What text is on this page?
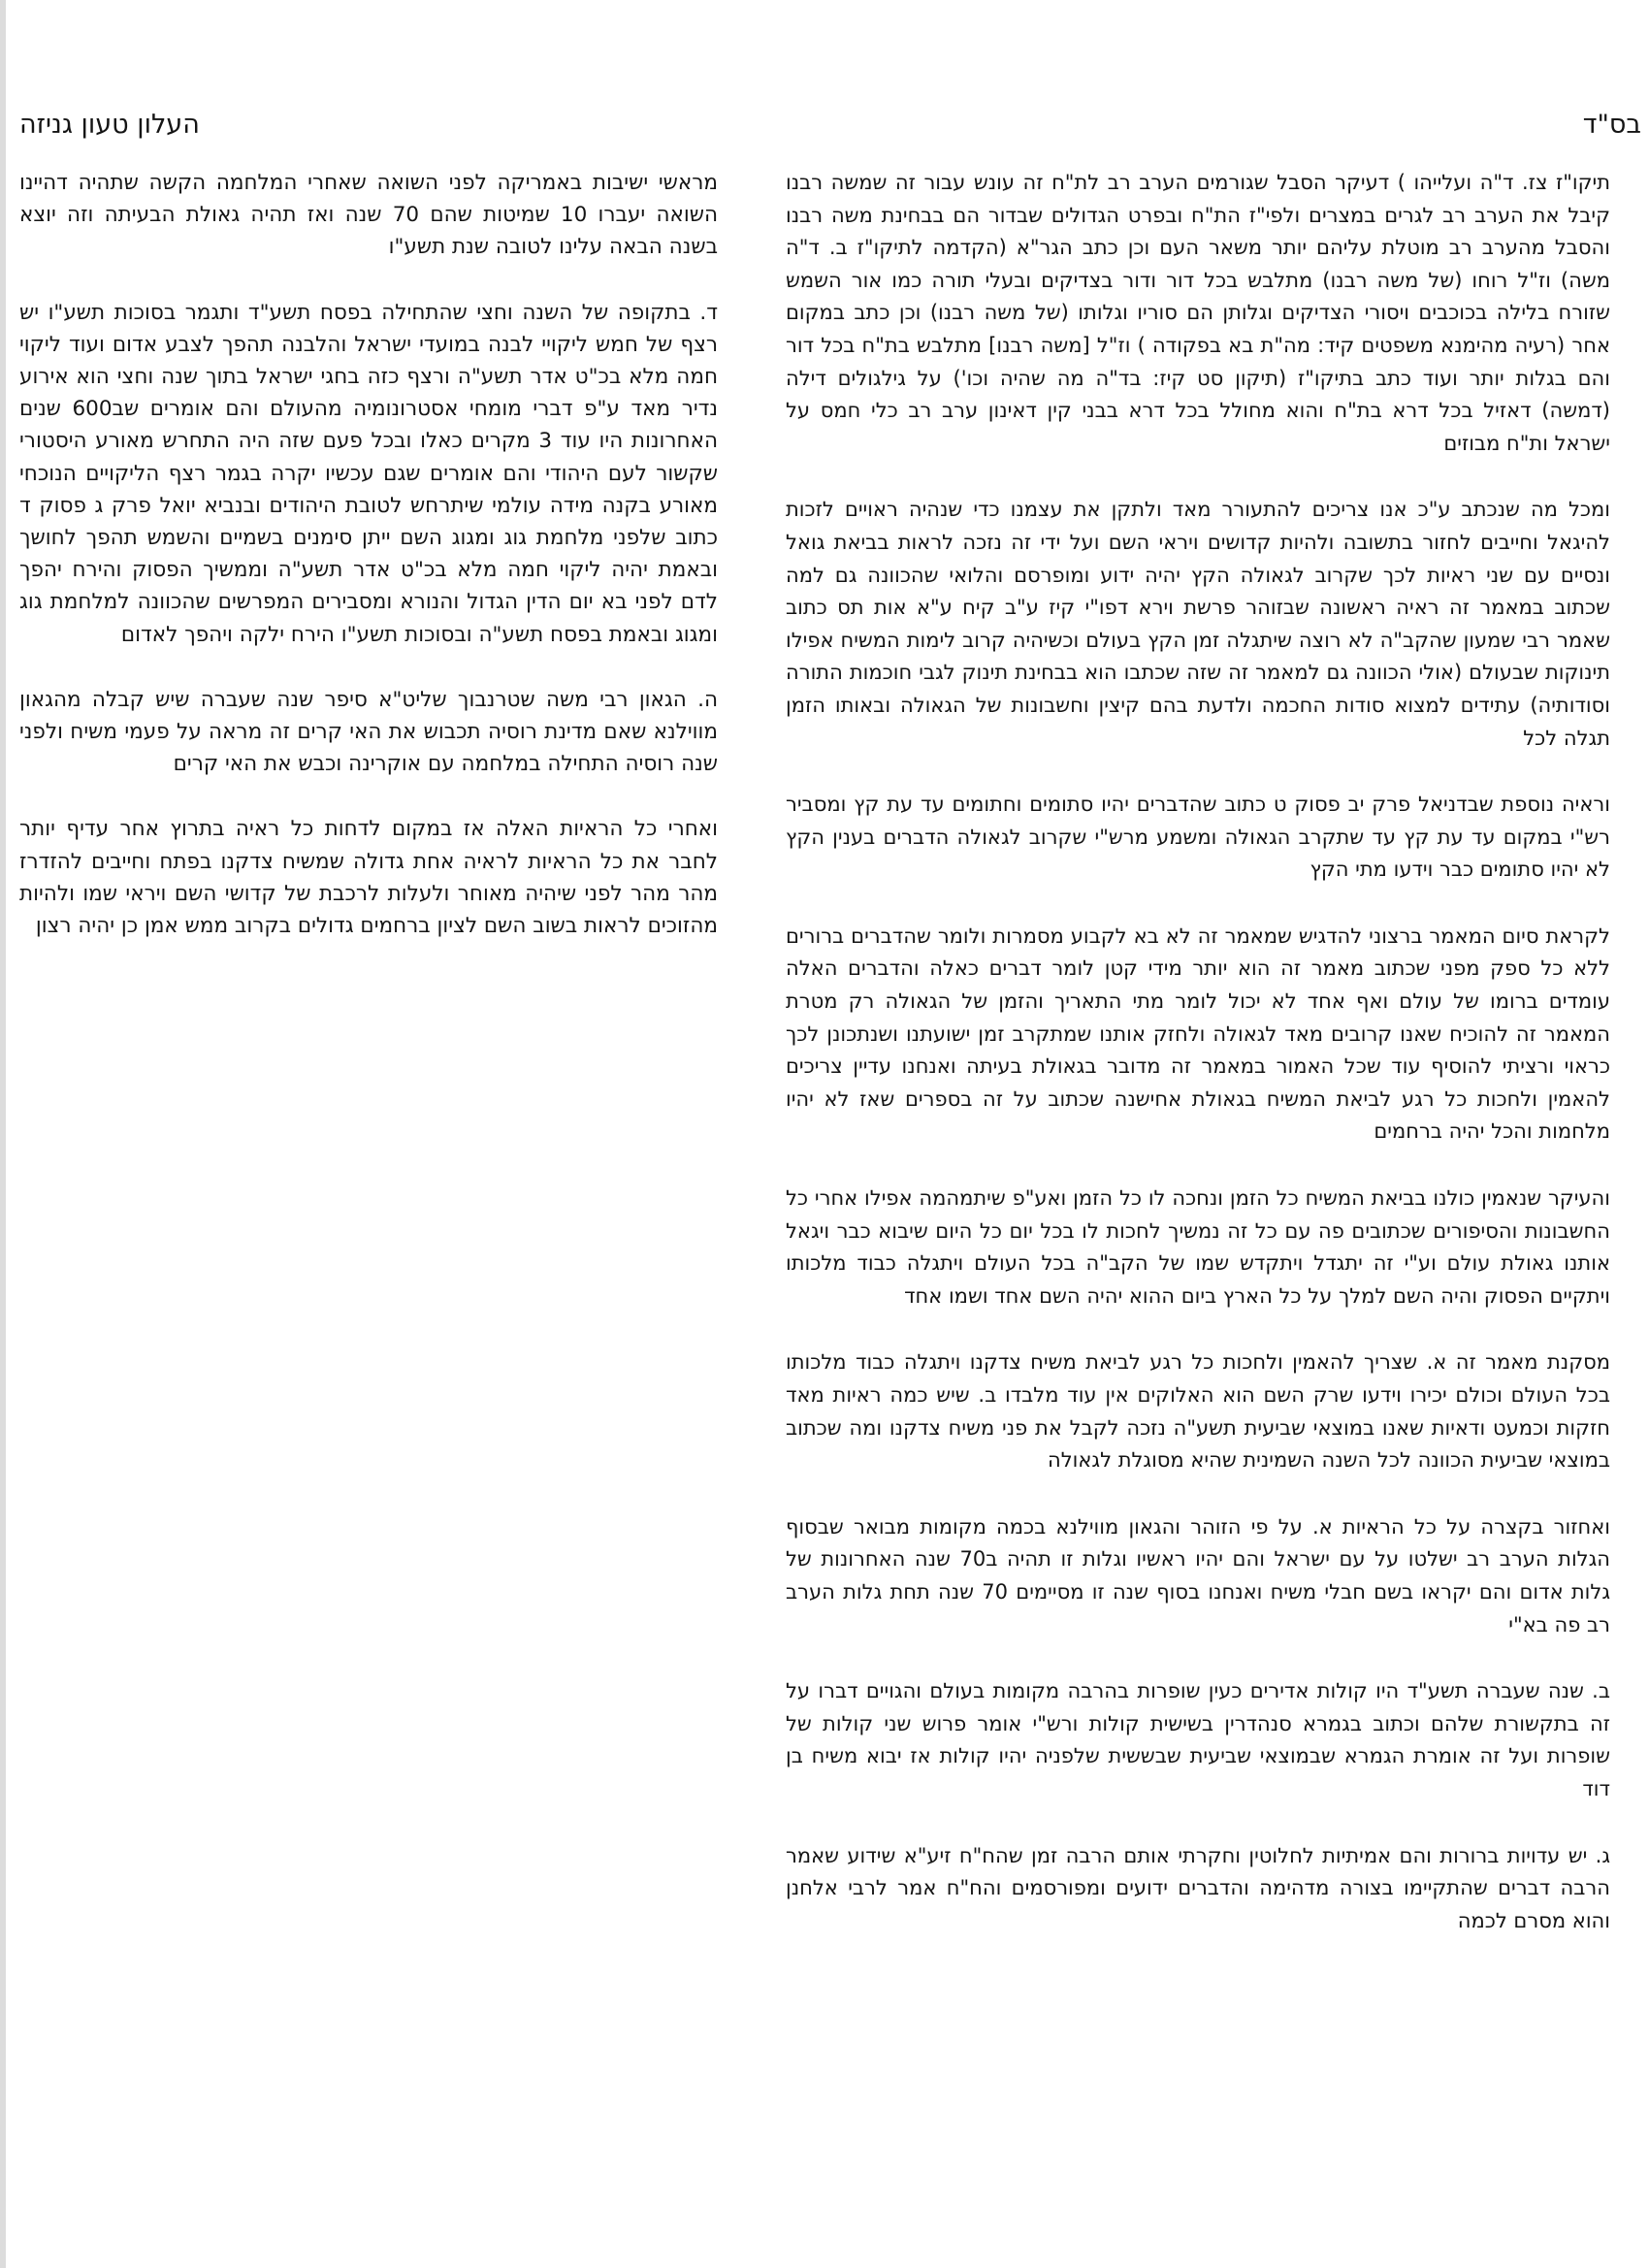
בס"ד
העלון טעון גניזה

תיקו"ז צז. ד"ה ועלייהו ) דעיקר הסבל שגורמים הערב רב לת"ח זה עונש עבור זה שמשה רבנו קיבל את הערב רב לגרים במצרים ולפי"ז הת"ח ובפרט הגדולים שבדור הם בבחינת משה רבנו והסבל מהערב רב מוטלת עליהם יותר משאר העם וכן כתב הגר"א (הקדמה לתיקו"ז ב. ד"ה משה) וז"ל רוחו (של משה רבנו) מתלבש בכל דור ודור בצדיקים ובעלי תורה כמו אור השמש שזורח בלילה בכוכבים ויסורי הצדיקים וגלותן הם סוריו וגלותו (של משה רבנו) וכן כתב במקום אחר (רעיה מהימנא משפטים קיד: מה"ת בא בפקודה ) וז"ל [משה רבנו] מתלבש בת"ח בכל דור והם בגלות יותר ועוד כתב בתיקו"ז (תיקון סט קיז: בד"ה מה שהיה וכו') על גילגולים דילה (דמשה) דאזיל בכל דרא בת"ח והוא מחולל בכל דרא בבני קין דאינון ערב רב כלי חמס על ישראל ות"ח מבוזים

ומכל מה שנכתב ע"כ אנו צריכים להתעורר מאד ולתקן את עצמנו כדי שנהיה ראויים לזכות להיגאל וחייבים לחזור בתשובה ולהיות קדושים ויראי השם ועל ידי זה נזכה לראות בביאת גואל ונסיים עם שני ראיות לכך שקרוב לגאולה הקץ יהיה ידוע ומופרסם והלואי שהכוונה גם למה שכתוב במאמר זה ראיה ראשונה שבזוהר פרשת וירא דפו"י קיז ע"ב קיח ע"א אות תס כתוב שאמר רבי שמעון שהקב"ה לא רוצה שיתגלה זמן הקץ בעולם וכשיהיה קרוב לימות המשיח אפילו תינוקות שבעולם (אולי הכוונה גם למאמר זה שזה שכתבו הוא בבחינת תינוק לגבי חוכמות התורה וסודותיה) עתידים למצוא סודות החכמה ולדעת בהם קיצין וחשבונות של הגאולה ובאותו הזמן תגלה לכל

וראיה נוספת שבדניאל פרק יב פסוק ט כתוב שהדברים יהיו סתומים וחתומים עד עת קץ ומסביר רש"י במקום עד עת קץ עד שתקרב הגאולה ומשמע מרש"י שקרוב לגאולה הדברים בענין הקץ לא יהיו סתומים כבר וידעו מתי הקץ

לקראת סיום המאמר ברצוני להדגיש שמאמר זה לא בא לקבוע מסמרות ולומר שהדברים ברורים ללא כל ספק מפני שכתוב מאמר זה הוא יותר מידי קטן לומר דברים כאלה והדברים האלה עומדים ברומו של עולם ואף אחד לא יכול לומר מתי התאריך והזמן של הגאולה רק מטרת המאמר זה להוכיח שאנו קרובים מאד לגאולה ולחזק אותנו שמתקרב זמן ישועתנו ושנתכונן לכך כראוי ורציתי להוסיף עוד שכל האמור במאמר זה מדובר בגאולת בעיתה ואנחנו עדיין צריכים להאמין ולחכות כל רגע לביאת המשיח בגאולת אחישנה שכתוב על זה בספרים שאז לא יהיו מלחמות והכל יהיה ברחמים

והעיקר שנאמין כולנו בביאת המשיח כל הזמן ונחכה לו כל הזמן ואע"פ שיתמהמה אפילו אחרי כל החשבונות והסיפורים שכתובים פה עם כל זה נמשיך לחכות לו בכל יום כל היום שיבוא כבר ויגאל אותנו גאולת עולם וע"י זה יתגדל ויתקדש שמו של הקב"ה בכל העולם ויתגלה כבוד מלכותו ויתקיים הפסוק והיה השם למלך על כל הארץ ביום ההוא יהיה השם אחד ושמו אחד

מסקנת מאמר זה א. שצריך להאמין ולחכות כל רגע לביאת משיח צדקנו ויתגלה כבוד מלכותו בכל העולם וכולם יכירו וידעו שרק השם הוא האלוקים אין עוד מלבדו ב. שיש כמה ראיות מאד חזקות וכמעט ודאיות שאנו במוצאי שביעית תשע"ה נזכה לקבל את פני משיח צדקנו ומה שכתוב במוצאי שביעית הכוונה לכל השנה השמינית שהיא מסוגלת לגאולה

ואחזור בקצרה על כל הראיות א. על פי הזוהר והגאון מווילנא בכמה מקומות מבואר שבסוף הגלות הערב רב ישלטו על עם ישראל והם יהיו ראשיו וגלות זו תהיה ב70 שנה האחרונות של גלות אדום והם יקראו בשם חבלי משיח ואנחנו בסוף שנה זו מסיימים 70 שנה תחת גלות הערב רב פה בא"י

ב. שנה שעברה תשע"ד היו קולות אדירים כעין שופרות בהרבה מקומות בעולם והגויים דברו על זה בתקשורת שלהם וכתוב בגמרא סנהדרין בשישית קולות ורש"י אומר פרוש שני קולות של שופרות ועל זה אומרת הגמרא שבמוצאי שביעית שבששית שלפניה יהיו קולות אז יבוא משיח בן דוד

ג. יש עדויות ברורות והם אמיתיות לחלוטין וחקרתי אותם הרבה זמן שהח"ח זיע"א שידוע שאמר הרבה דברים שהתקיימו בצורה מדהימה והדברים ידועים ומפורסמים והח"ח אמר לרבי אלחנן והוא מסרם לכמה

מראשי ישיבות באמריקה לפני השואה שאחרי המלחמה הקשה שתהיה דהיינו השואה יעברו 10 שמיטות שהם 70 שנה ואז תהיה גאולת הבעיתה וזה יוצא בשנה הבאה עלינו לטובה שנת תשע"ו

ד. בתקופה של השנה וחצי שהתחילה בפסח תשע"ד ותגמר בסוכות תשע"ו יש רצף של חמש ליקויי לבנה במועדי ישראל והלבנה תהפך לצבע אדום ועוד ליקוי חמה מלא בכ"ט אדר תשע"ה ורצף כזה בחגי ישראל בתוך שנה וחצי הוא אירוע נדיר מאד ע"פ דברי מומחי אסטרונומיה מהעולם והם אומרים שב600 שנים האחרונות היו עוד 3 מקרים כאלו ובכל פעם שזה היה התחרש מאורע היסטורי שקשור לעם היהודי והם אומרים שגם עכשיו יקרה בגמר רצף הליקויים הנוכחי מאורע בקנה מידה עולמי שיתרחש לטובת היהודים ובנביא יואל פרק ג פסוק ד כתוב שלפני מלחמת גוג ומגוג השם ייתן סימנים בשמיים והשמש תהפך לחושך ובאמת יהיה ליקוי חמה מלא בכ"ט אדר תשע"ה וממשיך הפסוק והירח יהפך לדם לפני בא יום הדין הגדול והנורא ומסבירים המפרשים שהכוונה למלחמת גוג ומגוג ובאמת בפסח תשע"ה ובסוכות תשע"ו הירח ילקה ויהפך לאדום

ה. הגאון רבי משה שטרנבוך שליט"א סיפר שנה שעברה שיש קבלה מהגאון מווילנא שאם מדינת רוסיה תכבוש את האי קרים זה מראה על פעמי משיח ולפני שנה רוסיה התחילה במלחמה עם אוקרינה וכבש את האי קרים

ואחרי כל הראיות האלה אז במקום לדחות כל ראיה בתרוץ אחר עדיף יותר לחבר את כל הראיות לראיה אחת גדולה שמשיח צדקנו בפתח וחייבים להזדרז מהר מהר לפני שיהיה מאוחר ולעלות לרכבת של קדושי השם ויראי שמו ולהיות מהזוכים לראות בשוב השם לציון ברחמים גדולים בקרוב ממש אמן כן יהיה רצון
